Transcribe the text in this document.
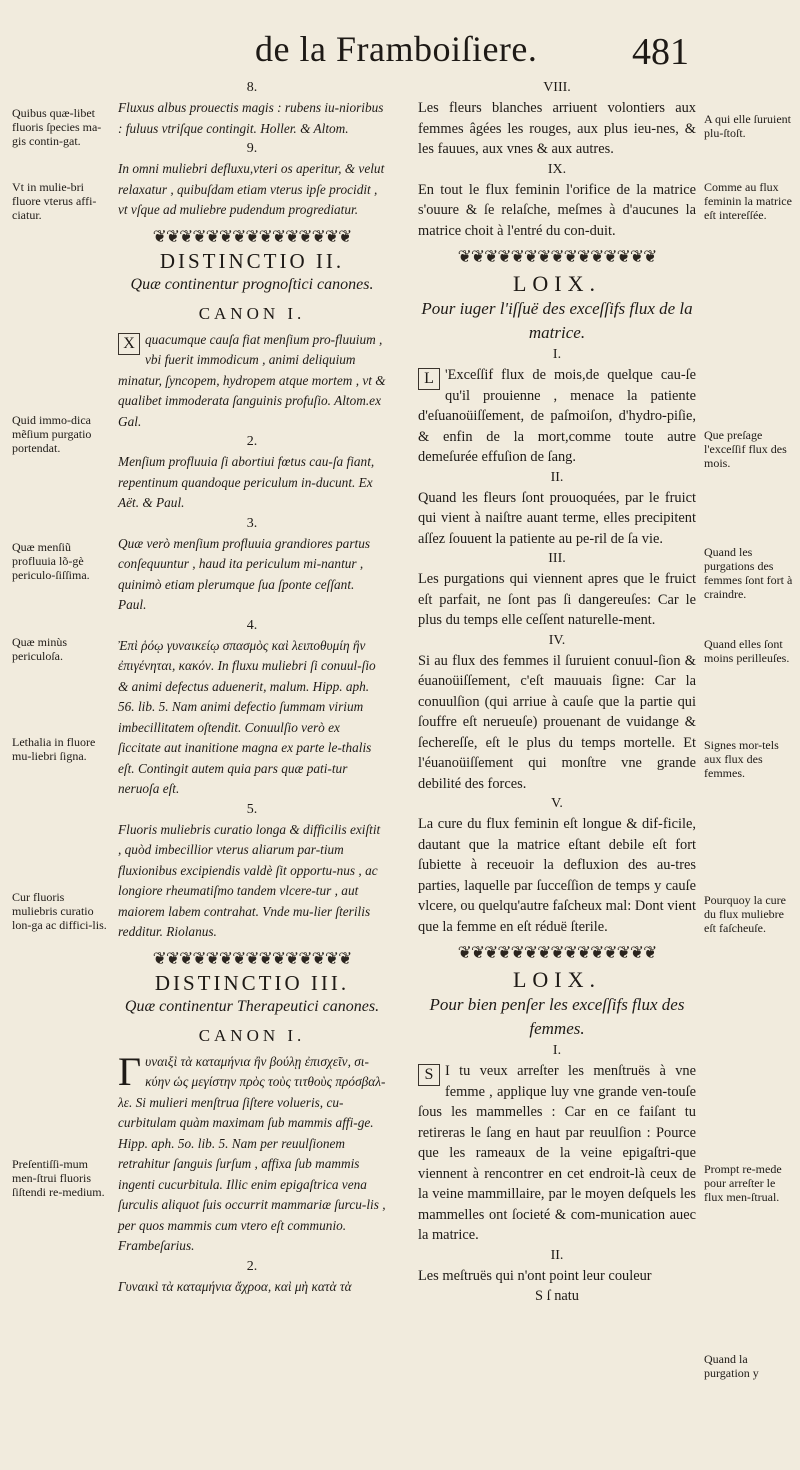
de la Framboiſiere. 481
Quibus quæ-libet fluoris ſpecies ma-gis contin-gat.
Vt in mulie-bri fluore vterus affi-ciatur.
Quid immo-dica mẽſium purgatio portendat.
Quæ menſiũ profluuia lõ-gè periculo-ſiſſima.
Quæ minùs periculoſa.
Lethalia in fluore mu-liebri ſigna.
Cur fluoris muliebris curatio lon-ga ac diffici-lis.
Preſentiſſi-mum men-ſtrui fluoris ſiſtendi re-medium.
8.
Fluxus albus prouectis magis : rubens iu-nioribus : fuluus vtriſque contingit. Holler. & Altom.
9.
In omni muliebri defluxu,vteri os aperitur, & velut relaxatur , quibuſdam etiam vterus ipſe procidit , vt vſque ad muliebre pudendum progrediatur.
❦❦❦❦❦❦❦❦❦❦❦❦❦❦❦
DISTINCTIO II.
Quæ continentur prognoſtici canones.
CANON I.
X quacumque cauſa fiat menſium pro-fluuium , vbi fuerit immodicum , animi deliquium minatur, ſyncopem, hydropem atque mortem , vt & qualibet immoderata ſanguinis profuſio. Altom.ex Gal.
2.
Menſium profluuia ſi abortiui fœtus cau-ſa fiant, repentinum quandoque periculum in-ducunt. Ex Aët. & Paul.
3.
Quæ verò menſium profluuia grandiores partus conſequuntur , haud ita periculum mi-nantur , quinimò etiam plerumque ſua ſponte ceſſant. Paul.
4.
Ἐπὶ ῥόῳ γυναικείῳ σπασμὸς καὶ λειποθυμίη ἢν ἐπιγένηται, κακόν. In fluxu muliebri ſi conuul-ſio & animi defectus aduenerit, malum. Hipp. aph. 56. lib. 5. Nam animi defectio ſummam virium imbecillitatem oſtendit. Conuulſio verò ex ſiccitate aut inanitione magna ex parte le-thalis eſt. Contingit autem quia pars quæ pati-tur neruoſa eſt.
5.
Fluoris muliebris curatio longa & difficilis exiſtit , quòd imbecillior vterus aliarum par-tium fluxionibus excipiendis valdè ſit opportu-nus , ac longiore rheumatiſmo tandem vlcere-tur , aut maiorem labem contrahat. Vnde mu-lier ſterilis redditur. Riolanus.
❦❦❦❦❦❦❦❦❦❦❦❦❦❦❦
DISTINCTIO III.
Quæ continentur Therapeutici canones.
CANON I.
Γυναιξὶ τὰ καταμήνια ἢν βούλῃ ἐπισχεῖν, σι-κύην ὡς μεγίστην πρὸς τοὺς τιτθοὺς πρόσβαλ-λε. Si mulieri menſtrua ſiſtere volueris, cu-curbitulam quàm maximam ſub mammis affi-ge. Hipp. aph. 5o. lib. 5. Nam per reuulſionem retrahitur ſanguis ſurſum , affixa ſub mammis ingenti cucurbitula. Illic enim epigaſtrica vena ſurculis aliquot ſuis occurrit mammariæ ſurcu-lis , per quos mammis cum vtero eſt communio. Frambeſarius.
2.
Γυναικὶ τὰ καταμήνια ἄχροα, καὶ μὴ κατὰ τὰ
VIII.
Les fleurs blanches arriuent volontiers aux femmes âgées les rouges, aux plus ieu-nes, & les fauues, aux vnes & aux autres.
IX.
En tout le flux feminin l'orifice de la matrice s'ouure & ſe relaſche, meſmes à d'aucunes la matrice choit à l'entré du con-duit.
❦❦❦❦❦❦❦❦❦❦❦❦❦❦❦
LOIX.
Pour iuger l'iſſuë des exceſſifs flux de la matrice.
I.
L 'Exceſſif flux de mois,de quelque cau-ſe qu'il prouienne , menace la patiente d'eſuanoüiſſement, de paſmoiſon, d'hydro-piſie, & enfin de la mort,comme toute autre demeſurée effuſion de ſang.
II.
Quand les fleurs ſont prouoquées, par le fruict qui vient à naiſtre auant terme, elles precipitent aſſez ſouuent la patiente au pe-ril de ſa vie.
III.
Les purgations qui viennent apres que le fruict eſt parfait, ne ſont pas ſi dangereuſes: Car le plus du temps elle ceſſent naturelle-ment.
IV.
Si au flux des femmes il ſuruient conuul-ſion & éuanoüiſſement, c'eſt mauuais ſigne: Car la conuulſion (qui arriue à cauſe que la partie qui ſouffre eſt nerueuſe) prouenant de vuidange & ſechereſſe, eſt le plus du temps mortelle. Et l'éuanoüiſſement qui monſtre vne grande debilité des forces.
V.
La cure du flux feminin eſt longue & dif-ficile, dautant que la matrice eſtant debile eſt fort ſubiette à receuoir la defluxion des au-tres parties, laquelle par ſucceſſion de temps y cauſe vlcere, ou quelqu'autre faſcheux mal: Dont vient que la femme en eſt réduë ſterile.
❦❦❦❦❦❦❦❦❦❦❦❦❦❦❦
LOIX.
Pour bien penſer les exceſſifs flux des femmes.
I.
S I tu veux arreſter les menſtruës à vne femme , applique luy vne grande ven-touſe ſous les mammelles : Car en ce faiſant tu retireras le ſang en haut par reuulſion : Pource que les rameaux de la veine epigaſtri-que viennent à rencontrer en cet endroit-là ceux de la veine mammillaire, par le moyen deſquels les mammelles ont ſocieté & com-munication auec la matrice.
II.
Les meſtruës qui n'ont point leur couleur
S ſ natu
A qui elle ſuruient plu-ſtoſt.
Comme au flux feminin la matrice eſt intereſſée.
Que preſage l'exceſſif flux des mois.
Quand les purgations des femmes ſont fort à craindre.
Quand elles ſont moins perilleuſes.
Signes mor-tels aux flux des femmes.
Pourquoy la cure du flux muliebre eſt faſcheuſe.
Prompt re-mede pour arreſter le flux men-ſtrual.
Quand la purgation y
